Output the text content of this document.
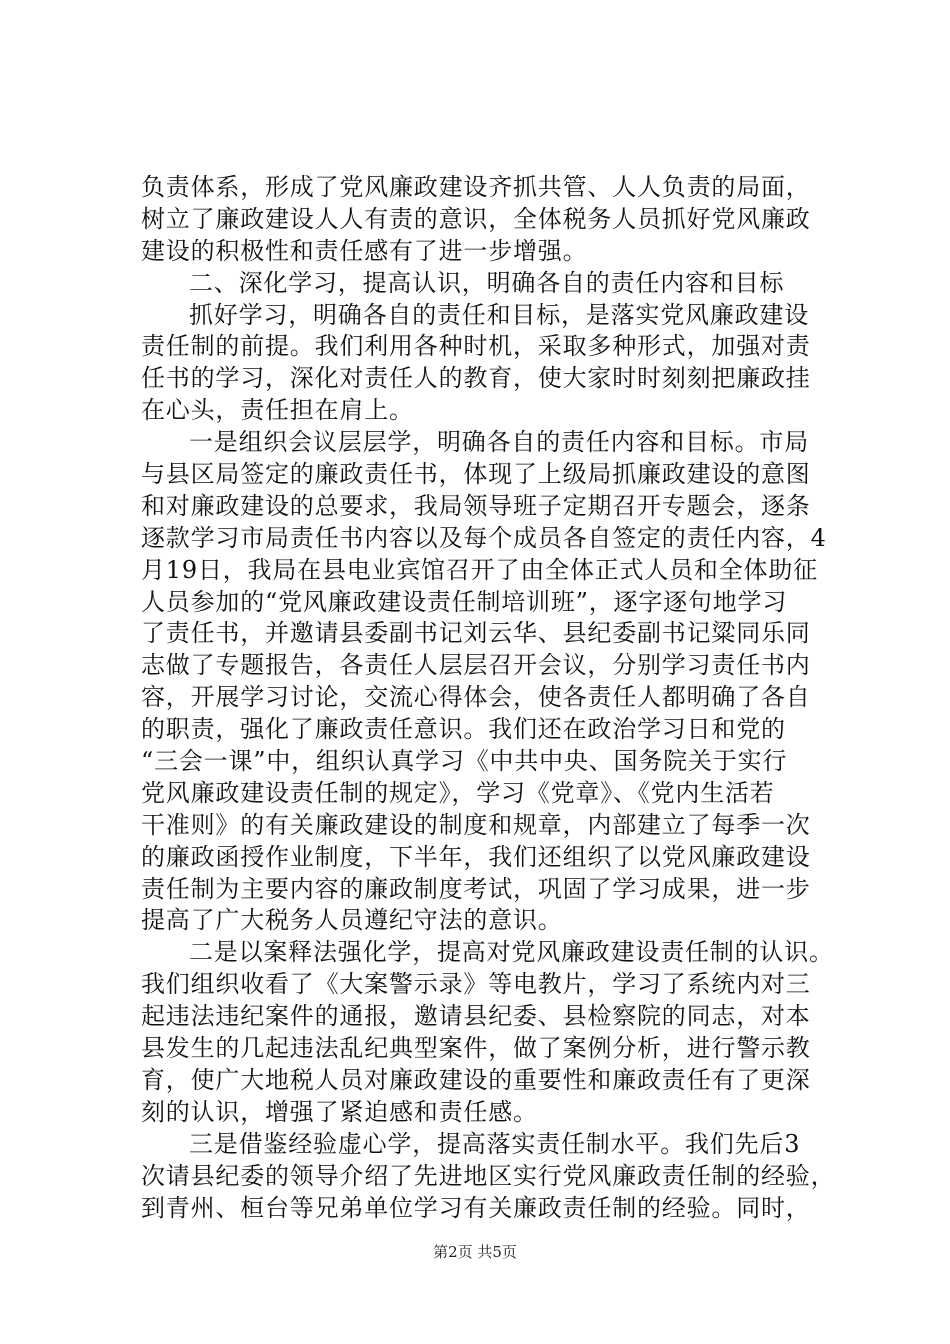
负责体系，形成了党风廉政建设齐抓共管、人人负责的局面，
树立了廉政建设人人有责的意识，全体税务人员抓好党风廉政
建设的积极性和责任感有了进一步增强。
二、深化学习，提高认识，明确各自的责任内容和目标
抓好学习，明确各自的责任和目标，是落实党风廉政建设
责任制的前提。我们利用各种时机，采取多种形式，加强对责
任书的学习，深化对责任人的教育，使大家时时刻刻把廉政挂
在心头，责任担在肩上。
一是组织会议层层学，明确各自的责任内容和目标。市局
与县区局签定的廉政责任书，体现了上级局抓廉政建设的意图
和对廉政建设的总要求，我局领导班子定期召开专题会，逐条
逐款学习市局责任书内容以及每个成员各自签定的责任内容，4
月19日，我局在县电业宾馆召开了由全体正式人员和全体助征
人员参加的“党风廉政建设责任制培训班”，逐字逐句地学习
了责任书，并邀请县委副书记刘云华、县纪委副书记粱同乐同
志做了专题报告，各责任人层层召开会议，分别学习责任书内
容，开展学习讨论，交流心得体会，使各责任人都明确了各自
的职责，强化了廉政责任意识。我们还在政治学习日和党的
“三会一课”中，组织认真学习《中共中央、国务院关于实行
党风廉政建设责任制的规定》，学习《党章》、《党内生活若
干准则》的有关廉政建设的制度和规章，内部建立了每季一次
的廉政函授作业制度，下半年，我们还组织了以党风廉政建设
责任制为主要内容的廉政制度考试，巩固了学习成果，进一步
提高了广大税务人员遵纪守法的意识。
二是以案释法强化学，提高对党风廉政建设责任制的认识。
我们组织收看了《大案警示录》等电教片，学习了系统内对三
起违法违纪案件的通报，邀请县纪委、县检察院的同志，对本
县发生的几起违法乱纪典型案件，做了案例分析，进行警示教
育，使广大地税人员对廉政建设的重要性和廉政责任有了更深
刻的认识，增强了紧迫感和责任感。
三是借鉴经验虚心学，提高落实责任制水平。我们先后3
次请县纪委的领导介绍了先进地区实行党风廉政责任制的经验，
到青州、桓台等兄弟单位学习有关廉政责任制的经验。同时，
第2页 共5页
